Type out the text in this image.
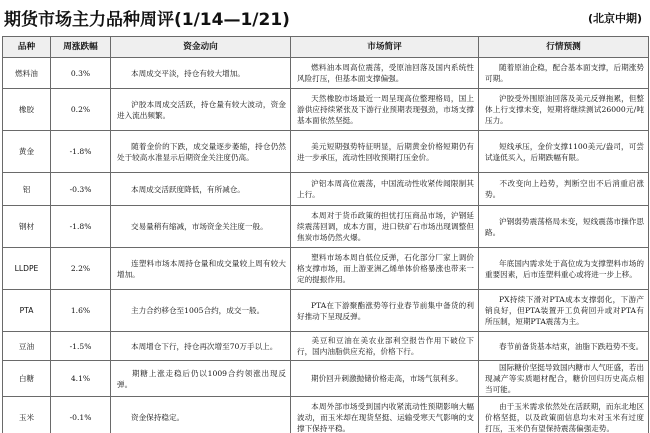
期货市场主力品种周评(1/14—1/21)	(北京中期)
品种	周涨跌幅	资金动向	市场简评	行情预测
燃料油	0.3%	本周成交平淡，持仓有较大增加。	燃料油本周高位震荡，受原油回落及国内系统性风险打压，但基本面支撑偏强。	随着原油企稳，配合基本面支撑，后期涨势可期。
橡胶	0.2%	沪胶本周成交活跃，持仓量有较大波动，资金进入流出频繁。	天然橡胶市场最近一周呈现高位整理格局，国上游供应持续紧张及下游行业预期表现强劲，市场支撑基本面依然坚挺。	沪胶受外围原油回落及美元反弹拖累，但整体上行支撑未变，短期将继续测试26000元/吨压力。
黄金	-1.8%	随着金价的下跌，成交量逐步萎缩，持仓仍然处于较高水准显示后期资金关注度仍高。	美元短期强势特征明显，后期黄金价格短期仍有进一步承压，流动性回收预期打压金价。	短线承压，金价支撑1100美元/盎司，可尝试逢低买入，后期跌幅有限。
铝	-0.3%	本周成交活跃度降低，有所减仓。	沪铝本周高位震荡，中国流动性收紧传闻限制其上行。	不改变向上趋势，判断空出不后消重启涨势。
钢材	-1.8%	交易量稍有缩减，市场资金关注度一般。	本周对于货币政策的担忧打压商品市场，沪钢延续震荡回调，成本方面，进口铁矿石市场出现调整但焦炭市场仍然火爆。	沪钢弱势震荡格局未变，短线震荡市操作思路。
LLDPE	2.2%	连塑料市场本周持仓量和成交量较上周有较大增加。	塑料市场本周自低位反弹，石化部分厂家上调价格支撑市场，而上游亚洲乙烯单体价格暴涨也带来一定的提振作用。	年底国内需求处于高位成为支撑塑料市场的重要因素，后市连塑料重心或将进一步上移。
PTA	1.6%	主力合约移仓至1005合约，成交一般。	PTA在下游聚酯涨势等行业春节前集中备货的利好推动下呈现反弹。	PX持续下滑对PTA成本支撑弱化，下游产销良好，但PTA装置开工负荷回升或对PTA有所压制，短期PTA震荡为主。
豆油	-1.5%	本周增仓下行，持仓再次增至70万手以上。	美豆和豆油在美农业部利空报告作用下破位下行，国内油脂供应充裕，价格下行。	春节前备货基本结束，油脂下跌趋势不变。
白糖	4.1%	期糖上涨走稳后仍以1009合约领涨出现反弹。	期价回升刺激抛储价格走高，市场气氛利多。	国际糖价坚挺导致国内糖市人气旺盛，若出现减产等实质题材配合，糖价回归历史高点相当可能。
玉米	-0.1%	资金保持稳定。	本周外部市场受到国内收紧流动性预期影响大幅波动，而玉米却在现货坚挺、运输受寒天气影响的支撑下保持平稳。	由于玉米需求依然处在活跃期，而东北地区价格坚挺，以及政策面信息均未对玉米有过度打压，玉米仍有望保持震荡偏强走势。
